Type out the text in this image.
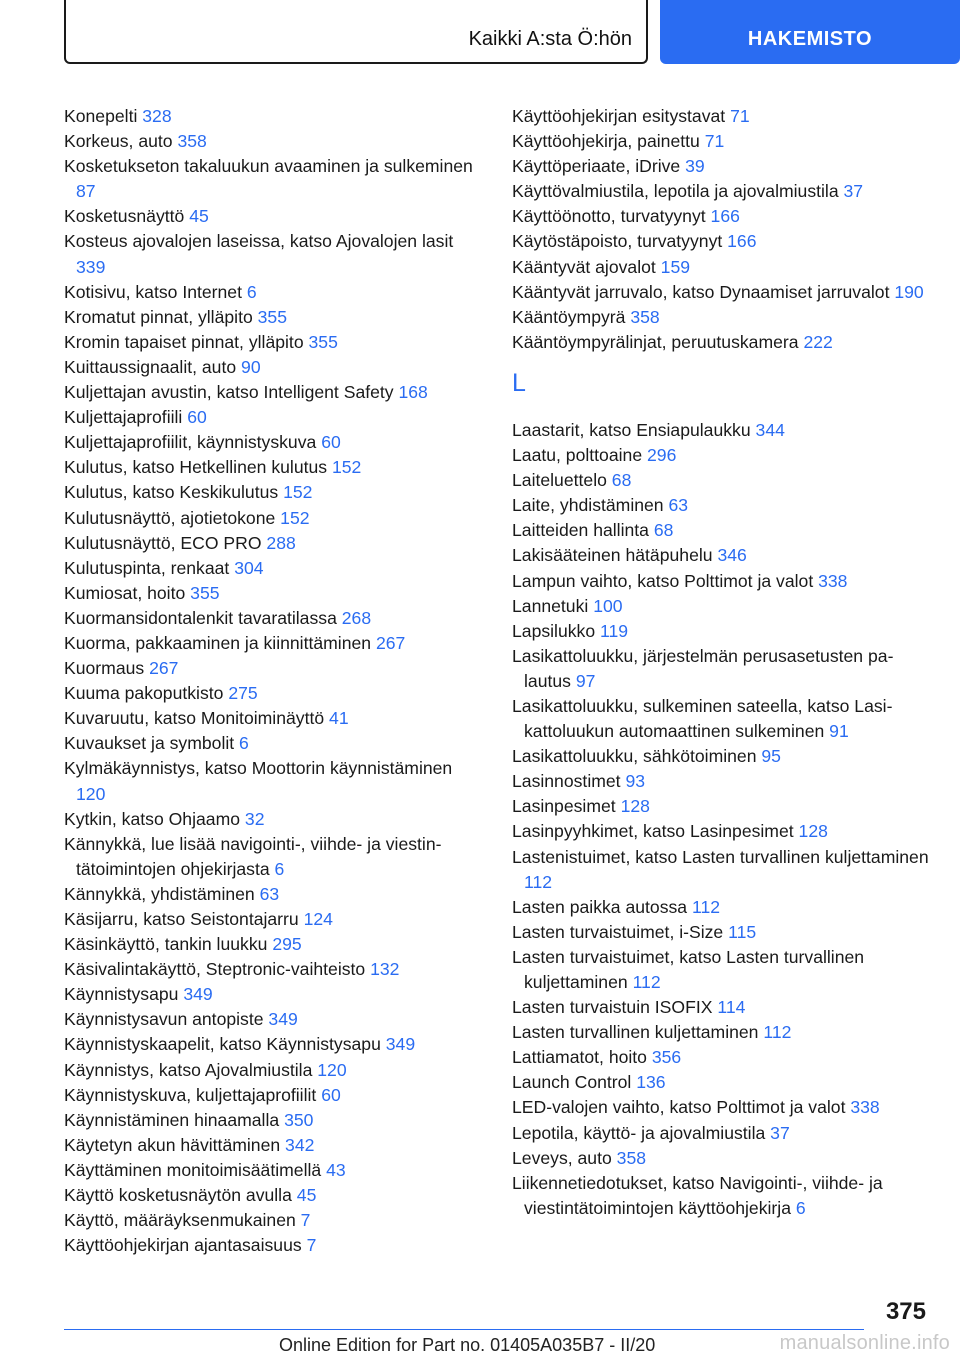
Kaikki A:sta Ö:hön	HAKEMISTO
Konepelti 328
Korkeus, auto 358
Kosketukseton takaluukun avaaminen ja sulkeminen 87
Kosketusnäyttö 45
Kosteus ajovalojen laseissa, katso Ajovalojen lasit 339
Kotisivu, katso Internet 6
Kromatut pinnat, ylläpito 355
Kromin tapaiset pinnat, ylläpito 355
Kuittaussignaalit, auto 90
Kuljettajan avustin, katso Intelligent Safety 168
Kuljettajaprofiili 60
Kuljettajaprofiilit, käynnistyskuva 60
Kulutus, katso Hetkellinen kulutus 152
Kulutus, katso Keskikulutus 152
Kulutusnäyttö, ajotietokone 152
Kulutusnäyttö, ECO PRO 288
Kulutuspinta, renkaat 304
Kumiosat, hoito 355
Kuormansidontalenkit tavaratilassa 268
Kuorma, pakkaaminen ja kiinnittäminen 267
Kuormaus 267
Kuuma pakoputkisto 275
Kuvaruutu, katso Monitoiminäyttö 41
Kuvaukset ja symbolit 6
Kylmäkäynnistys, katso Moottorin käynnistäminen 120
Kytkin, katso Ohjaamo 32
Kännykkä, lue lisää navigointi-, viihde- ja viestintätoimintojen ohjekirjasta 6
Kännykkä, yhdistäminen 63
Käsijarru, katso Seistontajarru 124
Käsinkäyttö, tankin luukku 295
Käsivalintakäyttö, Steptronic-vaihteisto 132
Käynnistysapu 349
Käynnistysavun antopiste 349
Käynnistyskaapelit, katso Käynnistysapu 349
Käynnistys, katso Ajovalmiustila 120
Käynnistyskuva, kuljettajaprofiilit 60
Käynnistäminen hinaamalla 350
Käytetyn akun hävittäminen 342
Käyttäminen monitoimisäätimellä 43
Käyttö kosketusnäytön avulla 45
Käyttö, määräyksenmukainen 7
Käyttöohjekirjan ajantasaisuus 7
Käyttöohjekirjan esitystavat 71
Käyttöohjekirja, painettu 71
Käyttöperiaate, iDrive 39
Käyttövalmiustila, lepotila ja ajovalmiustila 37
Käyttöönotto, turvatyynyt 166
Käytöstäpoisto, turvatyynyt 166
Kääntyvät ajovalot 159
Kääntyvät jarruvalo, katso Dynaamiset jarruvalot 190
Kääntöympyrä 358
Kääntöympyrälinjat, peruutuskamera 222
L
Laastarit, katso Ensiapulaukku 344
Laatu, polttoaine 296
Laiteluettelo 68
Laite, yhdistäminen 63
Laitteiden hallinta 68
Lakisääteinen hätäpuhelu 346
Lampun vaihto, katso Polttimot ja valot 338
Lannetuki 100
Lapsilukko 119
Lasikattoluukku, järjestelmän perusasetusten palautus 97
Lasikattoluukku, sulkeminen sateella, katso Lasikattoluukun automaattinen sulkeminen 91
Lasikattoluukku, sähkötoiminen 95
Lasinnostimet 93
Lasinpesimet 128
Lasinpyyhkimet, katso Lasinpesimet 128
Lastenistuimet, katso Lasten turvallinen kuljettaminen 112
Lasten paikka autossa 112
Lasten turvaistuimet, i-Size 115
Lasten turvaistuimet, katso Lasten turvallinen kuljettaminen 112
Lasten turvaistuin ISOFIX 114
Lasten turvallinen kuljettaminen 112
Lattiamatot, hoito 356
Launch Control 136
LED-valojen vaihto, katso Polttimot ja valot 338
Lepotila, käyttö- ja ajovalmiustila 37
Leveys, auto 358
Liikennetiedotukset, katso Navigointi-, viihde- ja viestintätoimintojen käyttöohjekirja 6
375
Online Edition for Part no. 01405A035B7 - II/20	manualsonline.info
